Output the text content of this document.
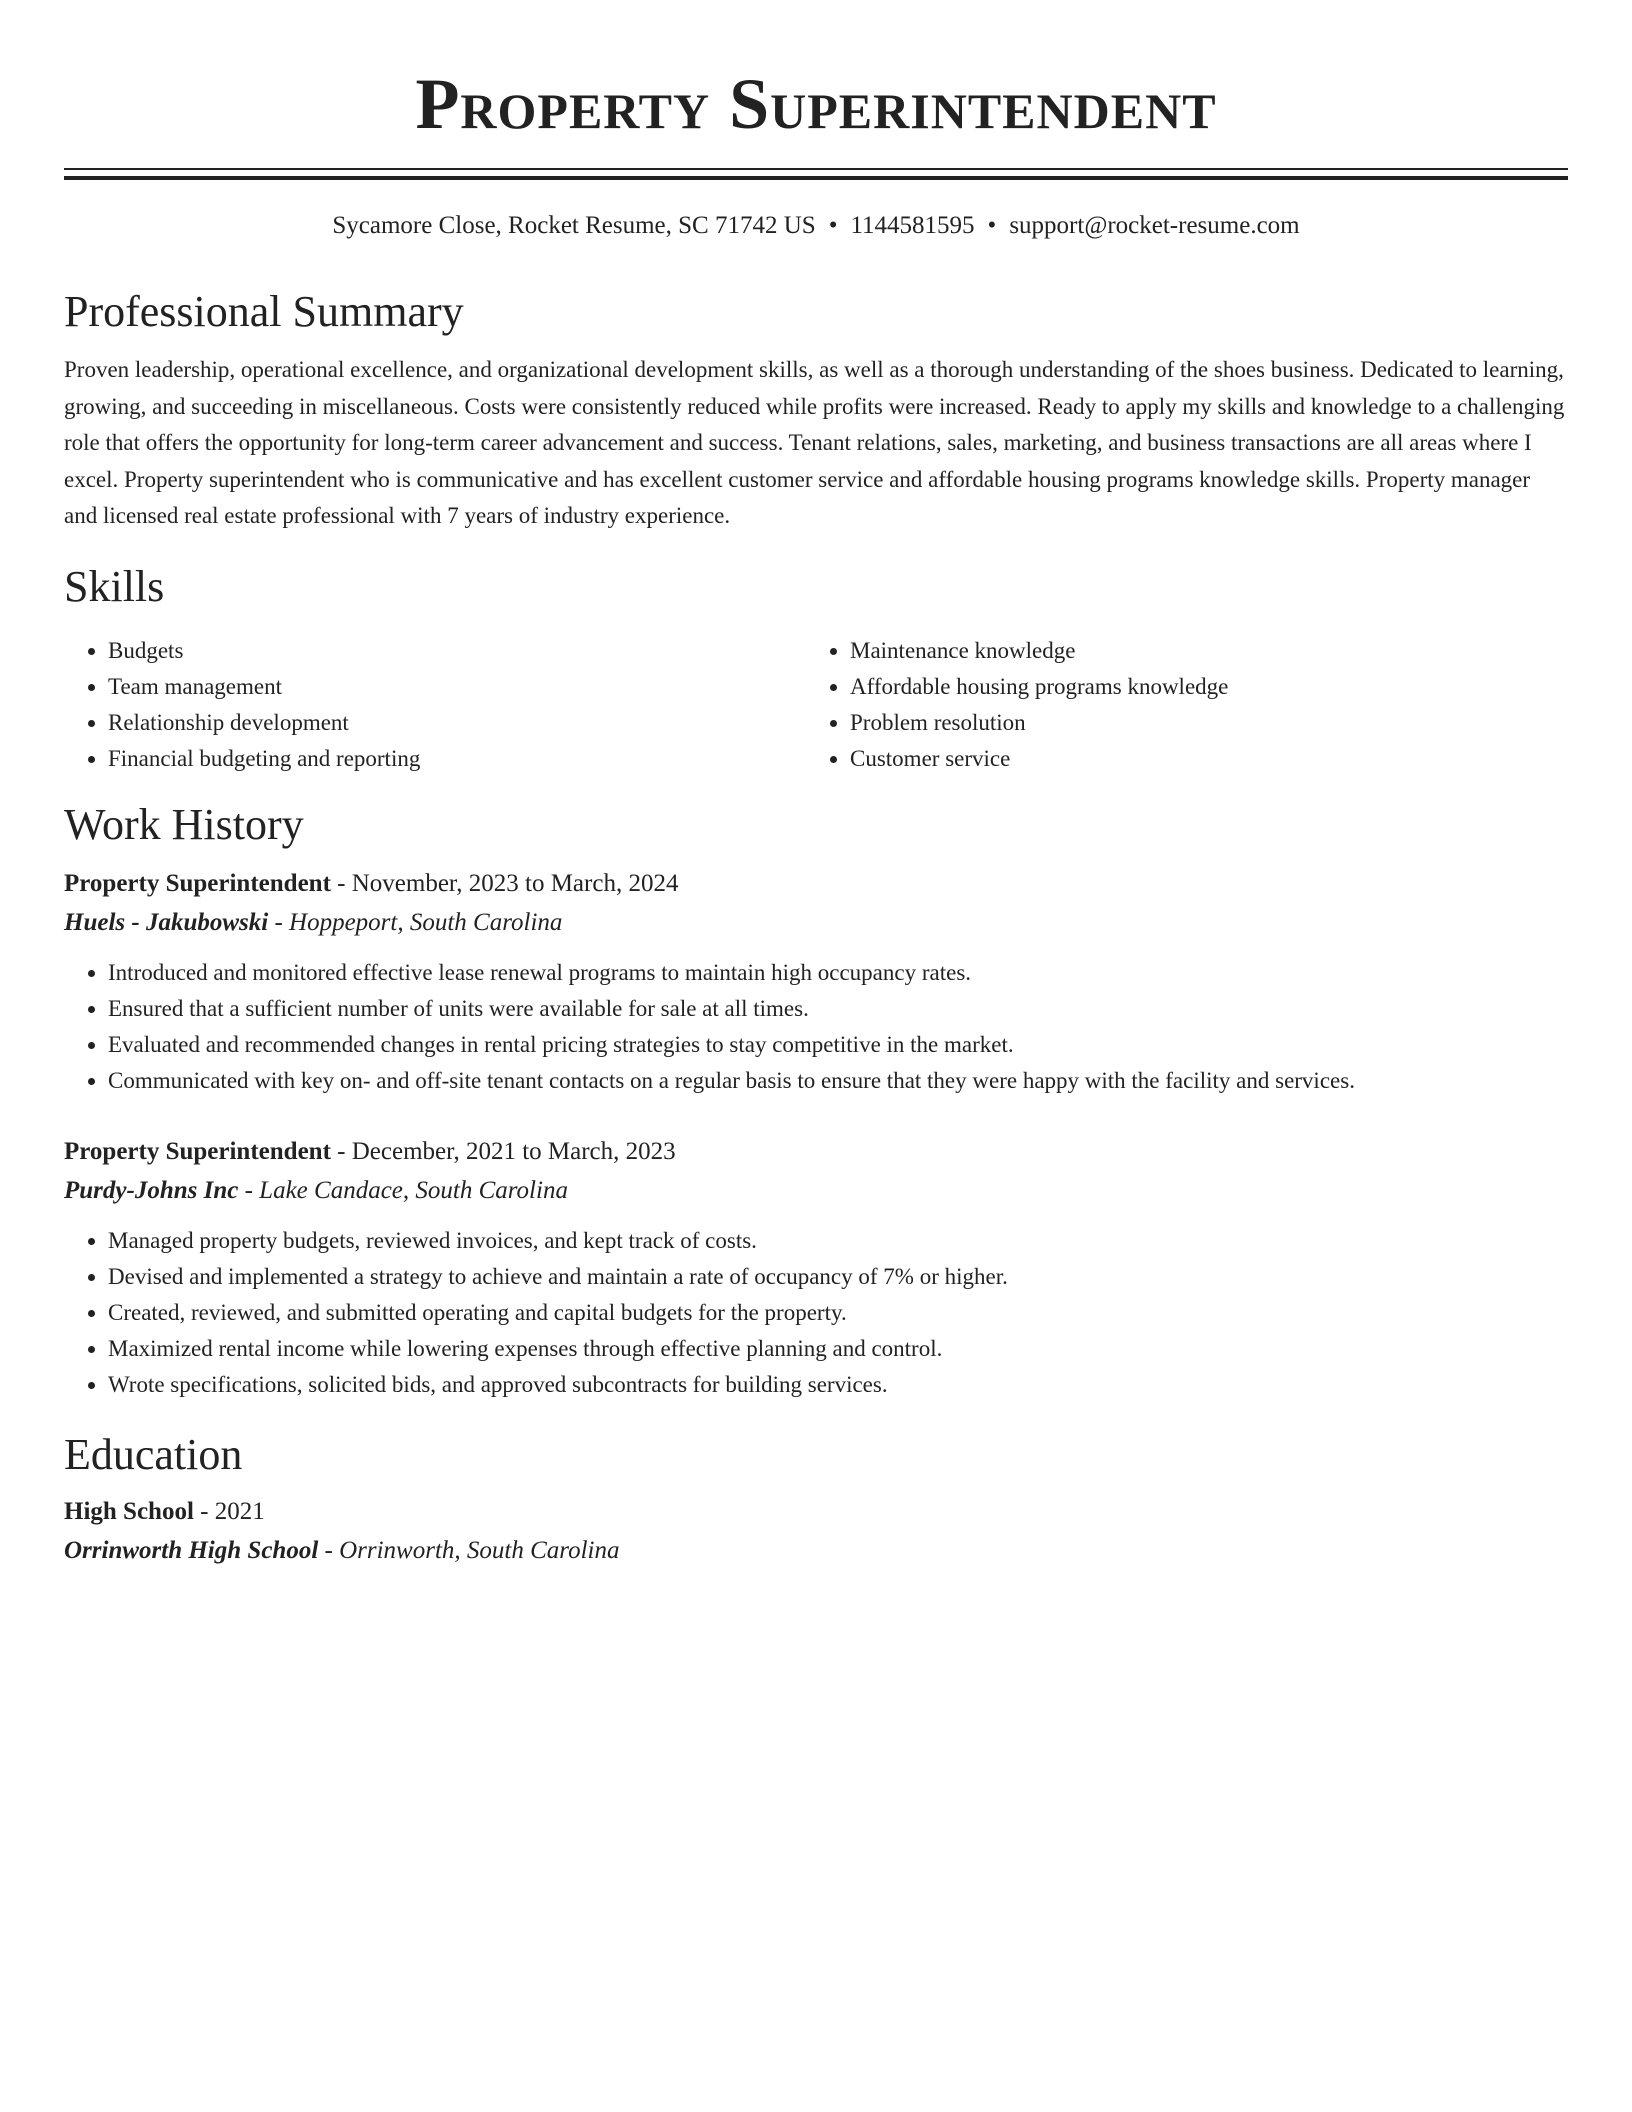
Property Superintendent
Sycamore Close, Rocket Resume, SC 71742 US • 1144581595 • support@rocket-resume.com
Professional Summary
Proven leadership, operational excellence, and organizational development skills, as well as a thorough understanding of the shoes business. Dedicated to learning, growing, and succeeding in miscellaneous. Costs were consistently reduced while profits were increased. Ready to apply my skills and knowledge to a challenging role that offers the opportunity for long-term career advancement and success. Tenant relations, sales, marketing, and business transactions are all areas where I excel. Property superintendent who is communicative and has excellent customer service and affordable housing programs knowledge skills. Property manager and licensed real estate professional with 7 years of industry experience.
Skills
• Budgets
• Team management
• Relationship development
• Financial budgeting and reporting
• Maintenance knowledge
• Affordable housing programs knowledge
• Problem resolution
• Customer service
Work History
Property Superintendent - November, 2023 to March, 2024
Huels - Jakubowski - Hoppeport, South Carolina
• Introduced and monitored effective lease renewal programs to maintain high occupancy rates.
• Ensured that a sufficient number of units were available for sale at all times.
• Evaluated and recommended changes in rental pricing strategies to stay competitive in the market.
• Communicated with key on- and off-site tenant contacts on a regular basis to ensure that they were happy with the facility and services.
Property Superintendent - December, 2021 to March, 2023
Purdy-Johns Inc - Lake Candace, South Carolina
• Managed property budgets, reviewed invoices, and kept track of costs.
• Devised and implemented a strategy to achieve and maintain a rate of occupancy of 7% or higher.
• Created, reviewed, and submitted operating and capital budgets for the property.
• Maximized rental income while lowering expenses through effective planning and control.
• Wrote specifications, solicited bids, and approved subcontracts for building services.
Education
High School - 2021
Orrinworth High School - Orrinworth, South Carolina
